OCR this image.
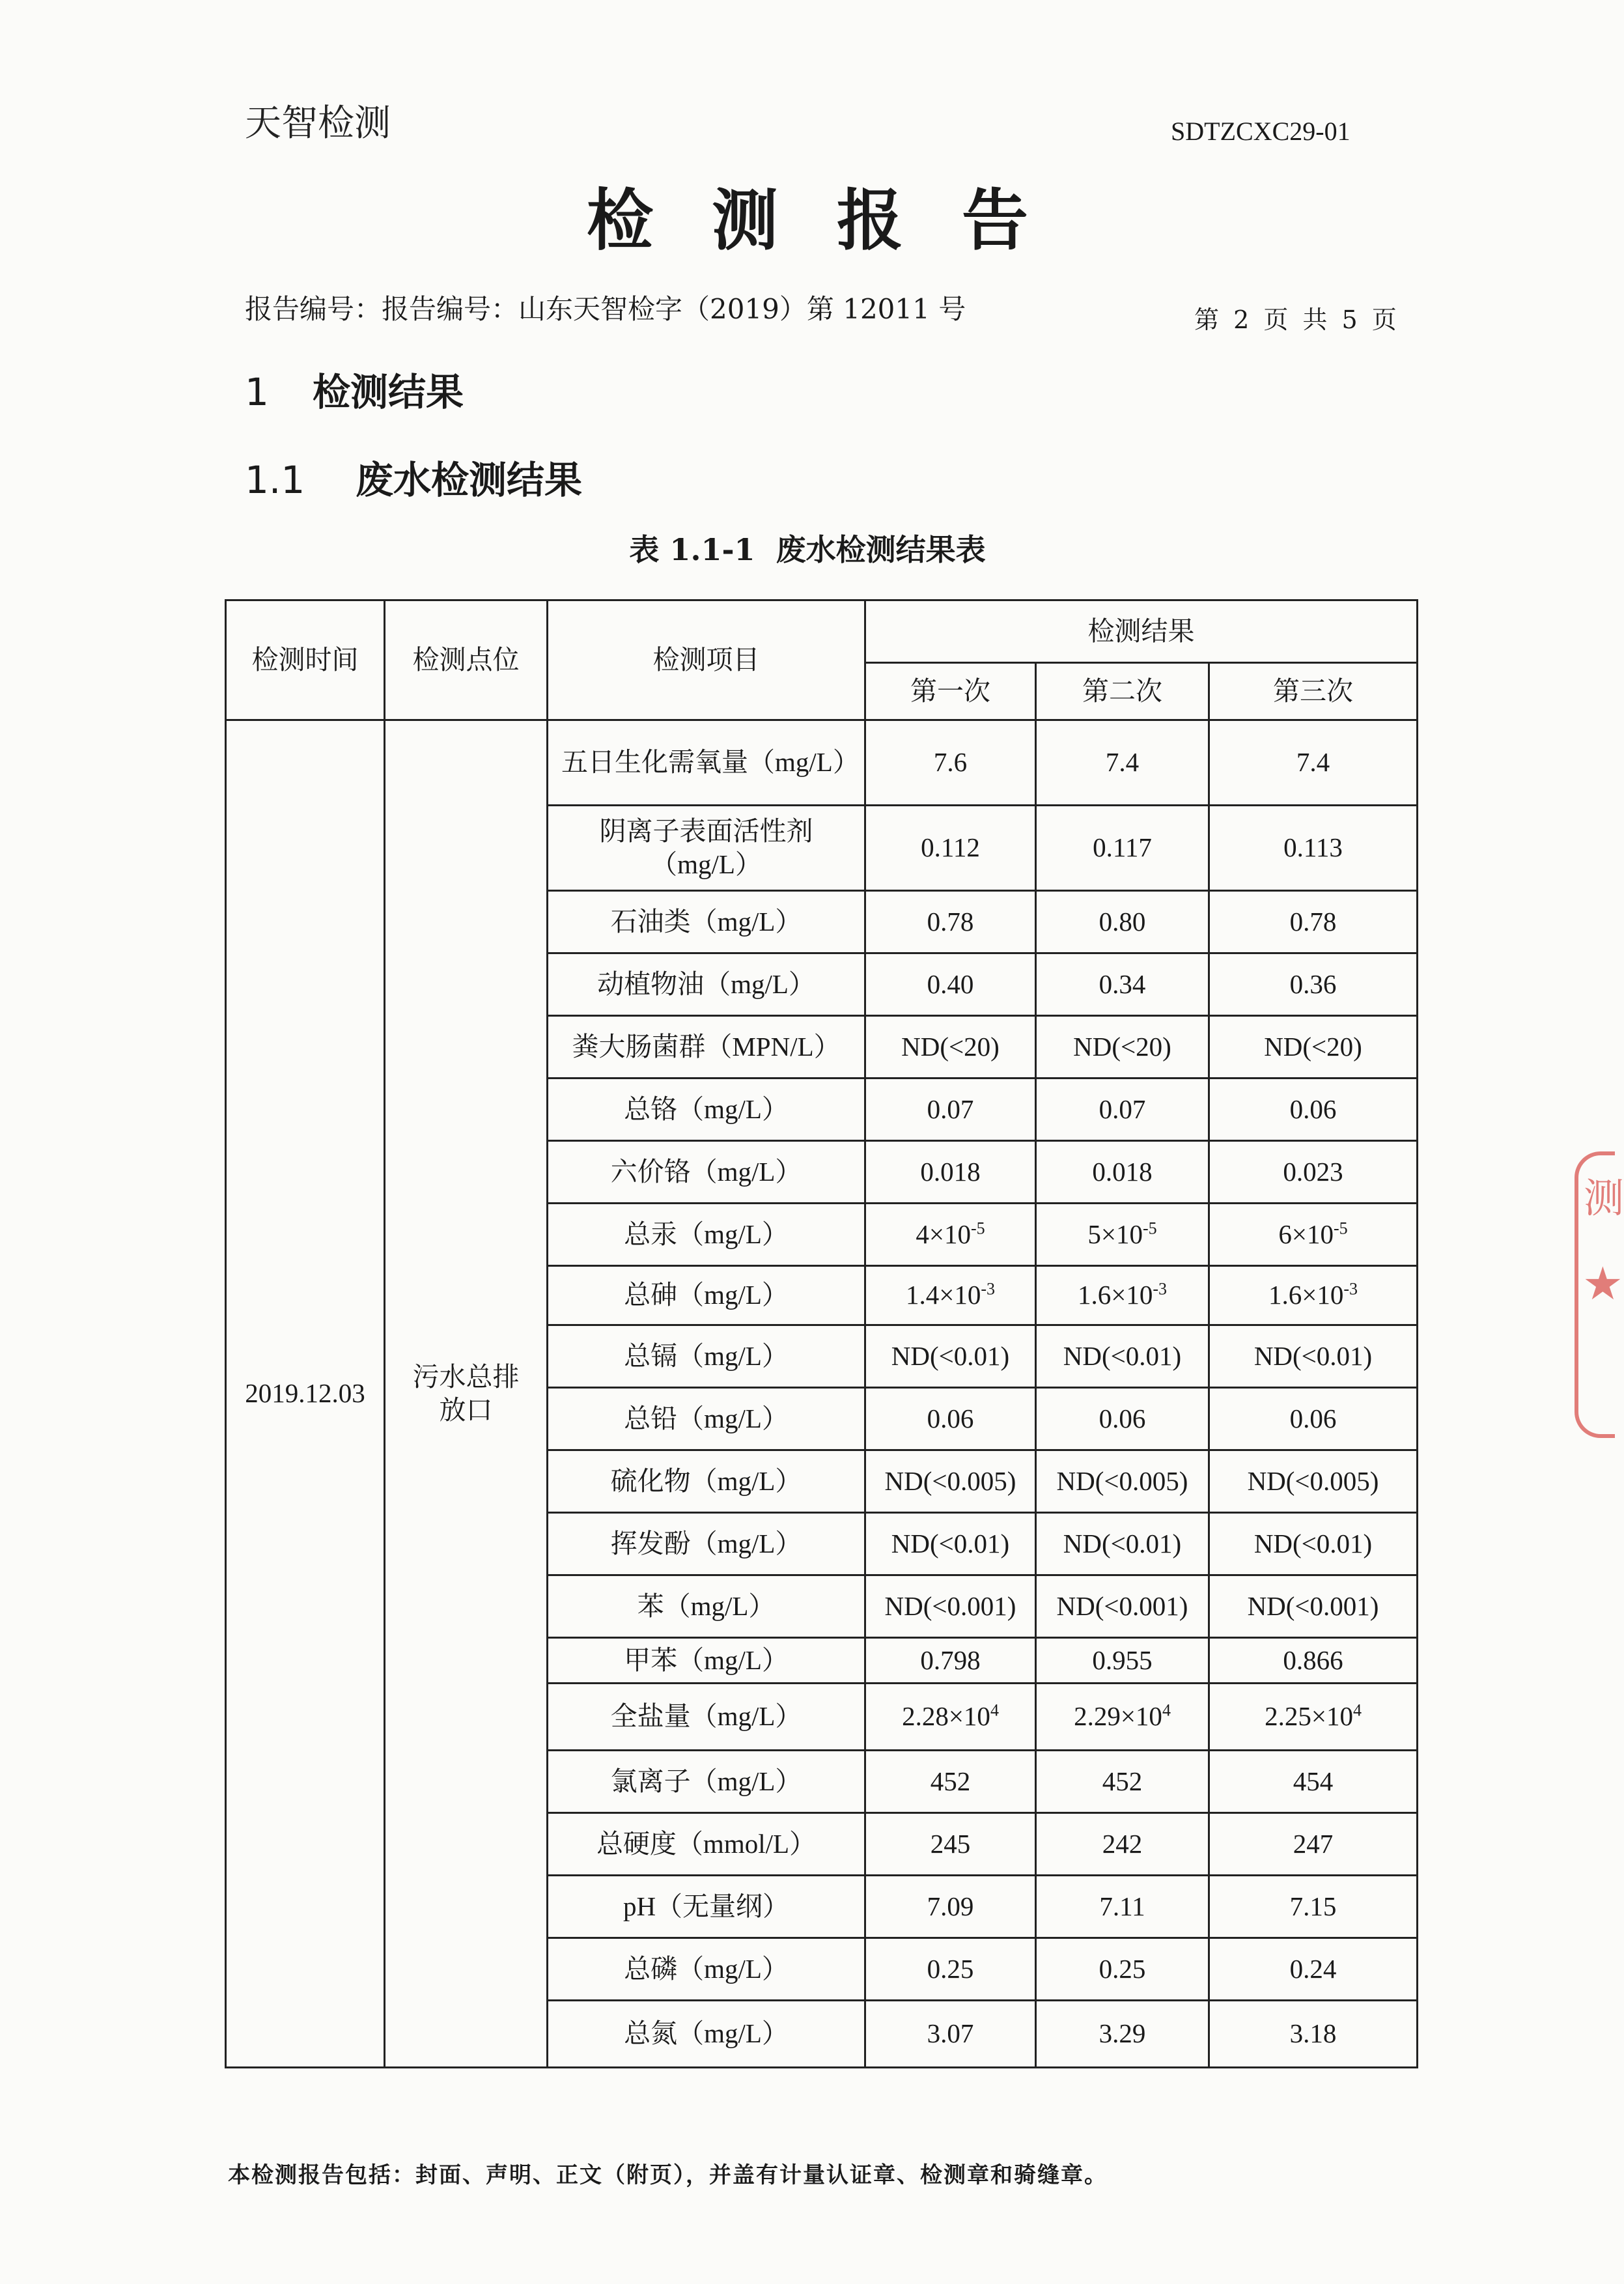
天智检测	SDTZCXC29-01
检测报告
报告编号：报告编号：山东天智检字（2019）第 12011 号	第 2 页 共 5 页
1 检测结果
1.1 废水检测结果
表 1.1-1 废水检测结果表
检测时间	检测点位	检测项目	检测结果		
			第一次	第二次	第三次
2019.12.03	污水总排放口	五日生化需氧量（mg/L）	7.6	7.4	7.4
		阴离子表面活性剂（mg/L）	0.112	0.117	0.113
		石油类（mg/L）	0.78	0.80	0.78
		动植物油（mg/L）	0.40	0.34	0.36
		粪大肠菌群（MPN/L）	ND(<20)	ND(<20)	ND(<20)
		总铬（mg/L）	0.07	0.07	0.06
		六价铬（mg/L）	0.018	0.018	0.023
		总汞（mg/L）	$4\times 10^{-5}$	$5\times 10^{-5}$	$6\times 10^{-5}$
		总砷（mg/L）	$1.4\times 10^{-3}$	$1.6\times 10^{-3}$	$1.6\times 10^{-3}$
		总镉（mg/L）	ND(<0.01)	ND(<0.01)	ND(<0.01)
		总铅（mg/L）	0.06	0.06	0.06
		硫化物（mg/L）	ND(<0.005)	ND(<0.005)	ND(<0.005)
		挥发酚（mg/L）	ND(<0.01)	ND(<0.01)	ND(<0.01)
		苯（mg/L）	ND(<0.001)	ND(<0.001)	ND(<0.001)
		甲苯（mg/L）	0.798	0.955	0.866
		全盐量（mg/L）	$2.28\times 10^4$	$2.29\times 10^4$	$2.25\times 10^4$
		氯离子（mg/L）	452	452	454
		总硬度（mmol/L）	245	242	247
		pH（无量纲）	7.09	7.11	7.15
		总磷（mg/L）	0.25	0.25	0.24
		总氮（mg/L）	3.07	3.29	3.18
本检测报告包括：封面、声明、正文（附页），并盖有计量认证章、检测章和骑缝章。
测
★
